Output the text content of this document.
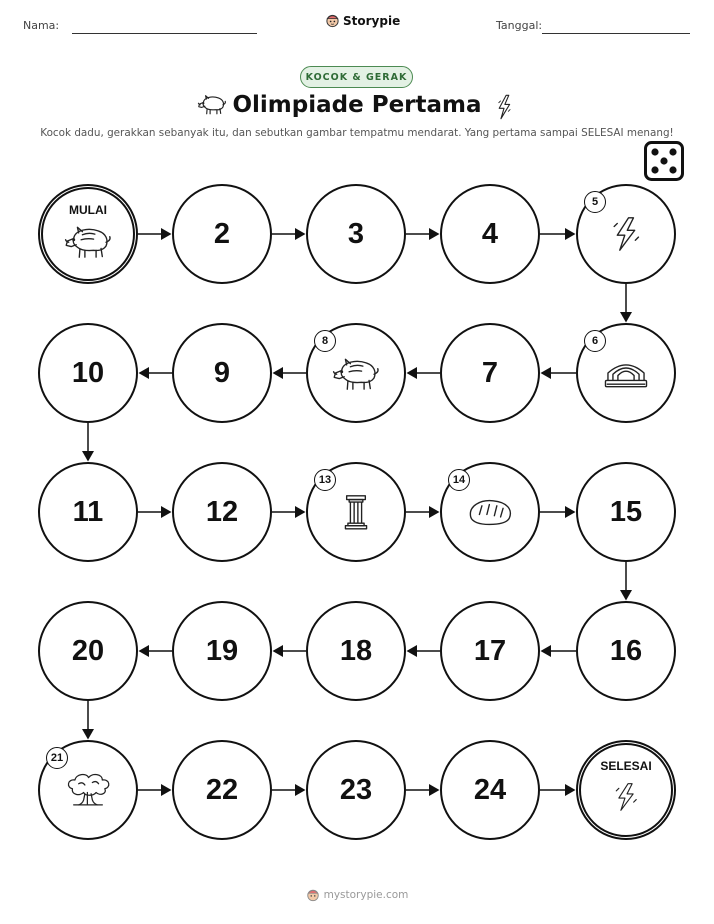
Nama:	Storypie	Tanggal:
KOCOK & GERAK
Olimpiade Pertama
Kocok dadu, gerakkan sebanyak itu, dan sebutkan gambar tempatmu mendarat. Yang pertama sampai SELESAI menang!
MULAI
2	3	4
7
9
10
11	12	15
16
17
18
19
20
22	23	24
SELESAI
5
6
8
13	14
21
mystorypie.com
